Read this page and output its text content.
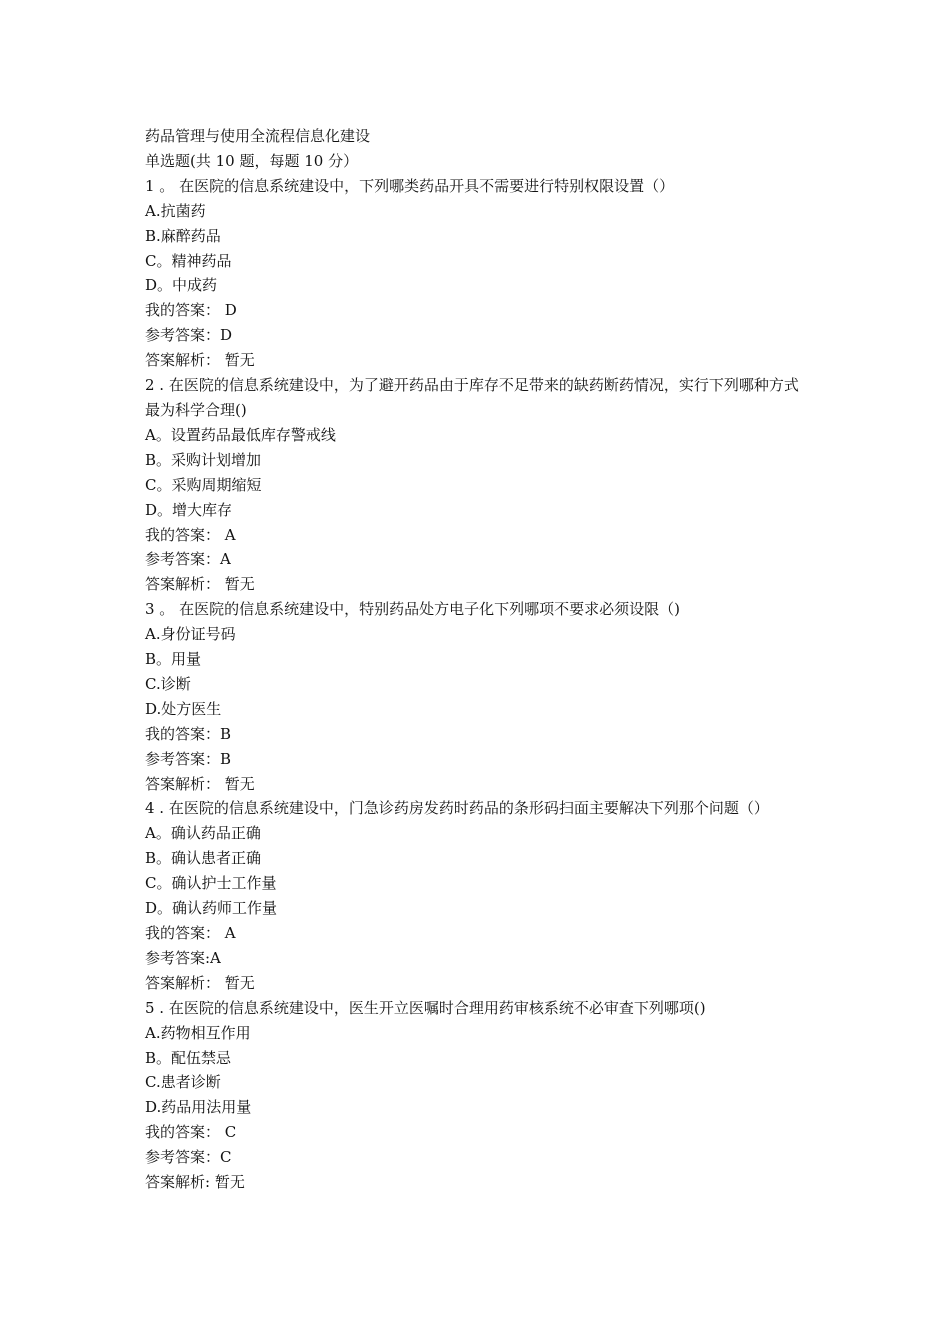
药品管理与使用全流程信息化建设

单选题(共 10 题，每题 10 分）

1 。 在医院的信息系统建设中，下列哪类药品开具不需要进行特别权限设置（）

A.抗菌药

B.麻醉药品

C。精神药品

D。中成药

我的答案： D

参考答案：D

答案解析： 暂无

2 . 在医院的信息系统建设中，为了避开药品由于库存不足带来的缺药断药情况，实行下列哪种方式最为科学合理()

A。设置药品最低库存警戒线

B。采购计划增加

C。采购周期缩短

D。增大库存

我的答案： A

参考答案：A

答案解析： 暂无

3 。 在医院的信息系统建设中，特别药品处方电子化下列哪项不要求必须设限（)

A.身份证号码

B。用量

C.诊断

D.处方医生

我的答案：B

参考答案：B

答案解析： 暂无

4 . 在医院的信息系统建设中，门急诊药房发药时药品的条形码扫面主要解决下列那个问题（）

A。确认药品正确

B。确认患者正确

C。确认护士工作量

D。确认药师工作量

我的答案： A

参考答案:A

答案解析： 暂无

5 . 在医院的信息系统建设中，医生开立医嘱时合理用药审核系统不必审查下列哪项()

A.药物相互作用

B。配伍禁忌

C.患者诊断

D.药品用法用量

我的答案： C

参考答案：C

答案解析: 暂无
